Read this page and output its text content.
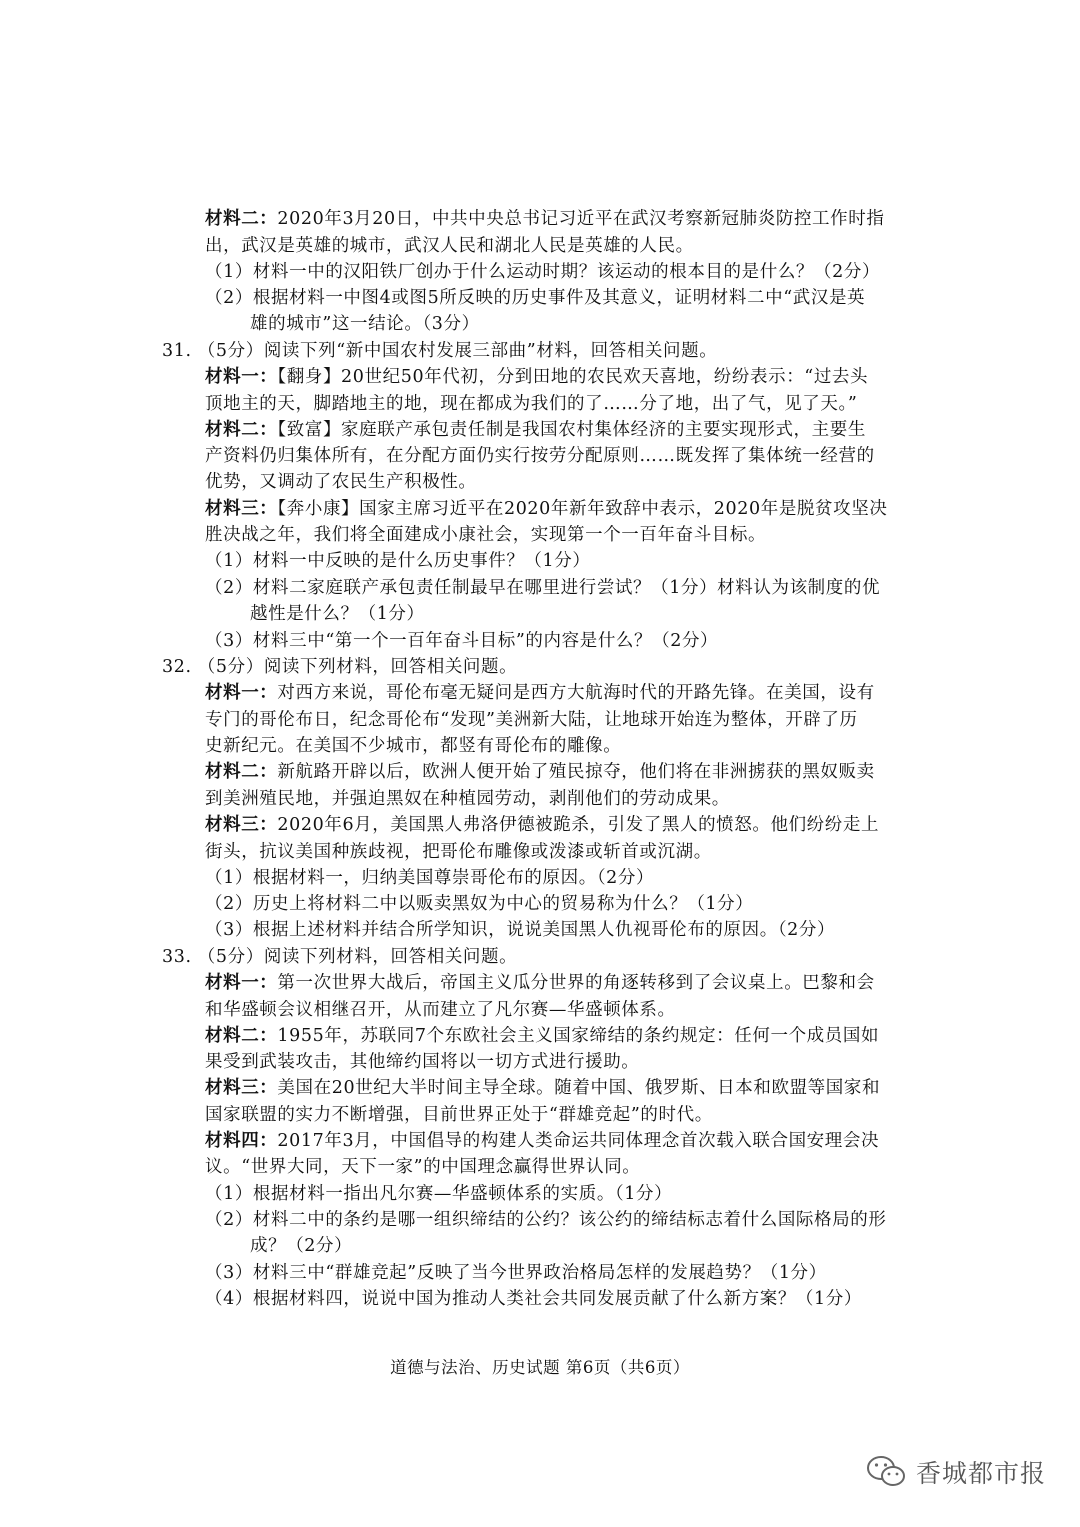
材料二：2020年3月20日，中共中央总书记习近平在武汉考察新冠肺炎防控工作时指
出，武汉是英雄的城市，武汉人民和湖北人民是英雄的人民。
（1）材料一中的汉阳铁厂创办于什么运动时期？该运动的根本目的是什么？（2分）
（2）根据材料一中图4或图5所反映的历史事件及其意义，证明材料二中“武汉是英
雄的城市”这一结论。（3分）
31. （5分）阅读下列“新中国农村发展三部曲”材料，回答相关问题。
材料一：【翻身】20世纪50年代初，分到田地的农民欢天喜地，纷纷表示：“过去头
顶地主的天，脚踏地主的地，现在都成为我们的了……分了地，出了气，见了天。”
材料二：【致富】家庭联产承包责任制是我国农村集体经济的主要实现形式，主要生
产资料仍归集体所有，在分配方面仍实行按劳分配原则……既发挥了集体统一经营的
优势，又调动了农民生产积极性。
材料三：【奔小康】国家主席习近平在2020年新年致辞中表示，2020年是脱贫攻坚决
胜决战之年，我们将全面建成小康社会，实现第一个一百年奋斗目标。
（1）材料一中反映的是什么历史事件？（1分）
（2）材料二家庭联产承包责任制最早在哪里进行尝试？（1分）材料认为该制度的优
越性是什么？（1分）
（3）材料三中“第一个一百年奋斗目标”的内容是什么？（2分）
32. （5分）阅读下列材料，回答相关问题。
材料一：对西方来说，哥伦布毫无疑问是西方大航海时代的开路先锋。在美国，设有
专门的哥伦布日，纪念哥伦布“发现”美洲新大陆，让地球开始连为整体，开辟了历
史新纪元。在美国不少城市，都竖有哥伦布的雕像。
材料二：新航路开辟以后，欧洲人便开始了殖民掠夺，他们将在非洲掳获的黑奴贩卖
到美洲殖民地，并强迫黑奴在种植园劳动，剥削他们的劳动成果。
材料三：2020年6月，美国黑人弗洛伊德被跪杀，引发了黑人的愤怒。他们纷纷走上
街头，抗议美国种族歧视，把哥伦布雕像或泼漆或斩首或沉湖。
（1）根据材料一，归纳美国尊崇哥伦布的原因。（2分）
（2）历史上将材料二中以贩卖黑奴为中心的贸易称为什么？（1分）
（3）根据上述材料并结合所学知识，说说美国黑人仇视哥伦布的原因。（2分）
33. （5分）阅读下列材料，回答相关问题。
材料一：第一次世界大战后，帝国主义瓜分世界的角逐转移到了会议桌上。巴黎和会
和华盛顿会议相继召开，从而建立了凡尔赛—华盛顿体系。
材料二：1955年，苏联同7个东欧社会主义国家缔结的条约规定：任何一个成员国如
果受到武装攻击，其他缔约国将以一切方式进行援助。
材料三：美国在20世纪大半时间主导全球。随着中国、俄罗斯、日本和欧盟等国家和
国家联盟的实力不断增强，目前世界正处于“群雄竞起”的时代。
材料四：2017年3月，中国倡导的构建人类命运共同体理念首次载入联合国安理会决
议。“世界大同，天下一家”的中国理念赢得世界认同。
（1）根据材料一指出凡尔赛—华盛顿体系的实质。（1分）
（2）材料二中的条约是哪一组织缔结的公约？该公约的缔结标志着什么国际格局的形
成？（2分）
（3）材料三中“群雄竞起”反映了当今世界政治格局怎样的发展趋势？（1分）
（4）根据材料四，说说中国为推动人类社会共同发展贡献了什么新方案？（1分）
道德与法治、历史试题 第6页（共6页）
香城都市报
